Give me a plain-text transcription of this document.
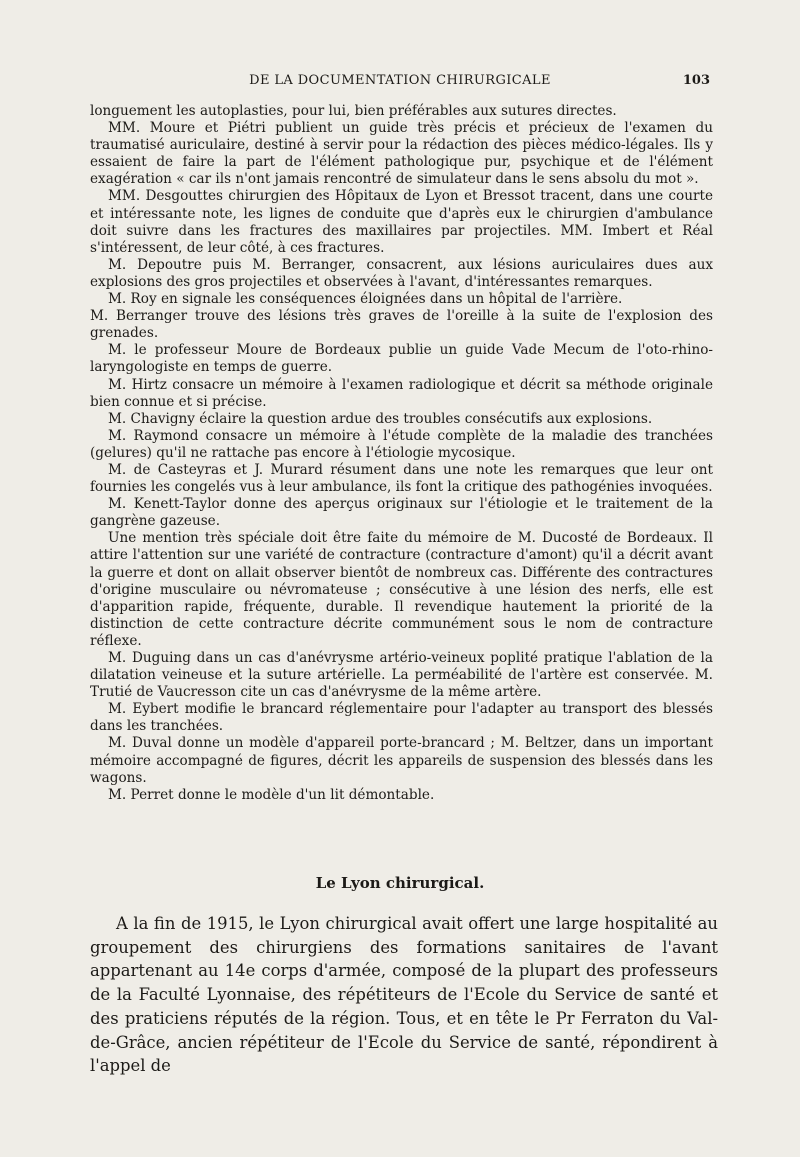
DE LA DOCUMENTATION CHIRURGICALE	103

longuement les autoplasties, pour lui, bien préférables aux sutures directes.

MM. Moure et Piétri publient un guide très précis et précieux de l'examen du traumatisé auriculaire, destiné à servir pour la rédaction des pièces médico-légales. Ils y essaient de faire la part de l'élément pathologique pur, psychique et de l'élément exagération « car ils n'ont jamais rencontré de simulateur dans le sens absolu du mot ».

MM. Desgouttes chirurgien des Hôpitaux de Lyon et Bressot tracent, dans une courte et intéressante note, les lignes de conduite que d'après eux le chirurgien d'ambulance doit suivre dans les fractures des maxillaires par projectiles. MM. Imbert et Réal s'intéressent, de leur côté, à ces fractures.

M. Depoutre puis M. Berranger, consacrent, aux lésions auriculaires dues aux explosions des gros projectiles et observées à l'avant, d'intéressantes remarques.

M. Roy en signale les conséquences éloignées dans un hôpital de l'arrière.

M. Berranger trouve des lésions très graves de l'oreille à la suite de l'explosion des grenades.

M. le professeur Moure de Bordeaux publie un guide Vade Mecum de l'oto-rhino-laryngologiste en temps de guerre.

M. Hirtz consacre un mémoire à l'examen radiologique et décrit sa méthode originale bien connue et si précise.

M. Chavigny éclaire la question ardue des troubles consécutifs aux explosions.

M. Raymond consacre un mémoire à l'étude complète de la maladie des tranchées (gelures) qu'il ne rattache pas encore à l'étiologie mycosique.

M. de Casteyras et J. Murard résument dans une note les remarques que leur ont fournies les congelés vus à leur ambulance, ils font la critique des pathogénies invoquées.

M. Kenett-Taylor donne des aperçus originaux sur l'étiologie et le traitement de la gangrène gazeuse.

Une mention très spéciale doit être faite du mémoire de M. Ducosté de Bordeaux. Il attire l'attention sur une variété de contracture (contracture d'amont) qu'il a décrit avant la guerre et dont on allait observer bientôt de nombreux cas. Différente des contractures d'origine musculaire ou névromateuse ; consécutive à une lésion des nerfs, elle est d'apparition rapide, fréquente, durable. Il revendique hautement la priorité de la distinction de cette contracture décrite communément sous le nom de contracture réflexe.

M. Duguing dans un cas d'anévrysme artério-veineux poplité pratique l'ablation de la dilatation veineuse et la suture artérielle. La perméabilité de l'artère est conservée. M. Trutié de Vaucresson cite un cas d'anévrysme de la même artère.

M. Eybert modifie le brancard réglementaire pour l'adapter au transport des blessés dans les tranchées.

M. Duval donne un modèle d'appareil porte-brancard ; M. Beltzer, dans un important mémoire accompagné de figures, décrit les appareils de suspension des blessés dans les wagons.

M. Perret donne le modèle d'un lit démontable.

Le Lyon chirurgical.

A la fin de 1915, le Lyon chirurgical avait offert une large hospitalité au groupement des chirurgiens des formations sanitaires de l'avant appartenant au 14e corps d'armée, composé de la plupart des professeurs de la Faculté Lyonnaise, des répétiteurs de l'Ecole du Service de santé et des praticiens réputés de la région. Tous, et en tête le Pr Ferraton du Val-de-Grâce, ancien répétiteur de l'Ecole du Service de santé, répondirent à l'appel de
